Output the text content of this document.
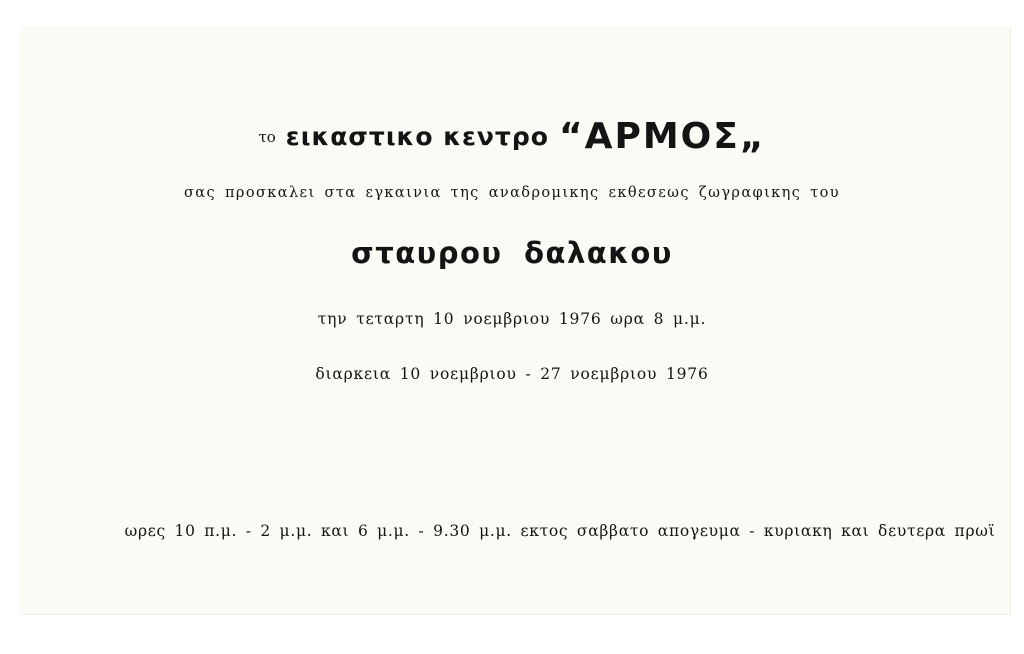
το εικαστικο κεντρο “ΑΡΜΟΣ„
σας προσκαλει στα εγκαινια της αναδρομικης εκθεσεως ζωγραφικης του
σταυρου δαλακου
την τεταρτη 10 νοεμβριου 1976 ωρα 8 μ.μ.
διαρκεια 10 νοεμβριου - 27 νοεμβριου 1976
ωρες 10 π.μ. - 2 μ.μ. και 6 μ.μ. - 9.30 μ.μ. εκτος σαββατο απογευμα - κυριακη και δευτερα πρωϊ
